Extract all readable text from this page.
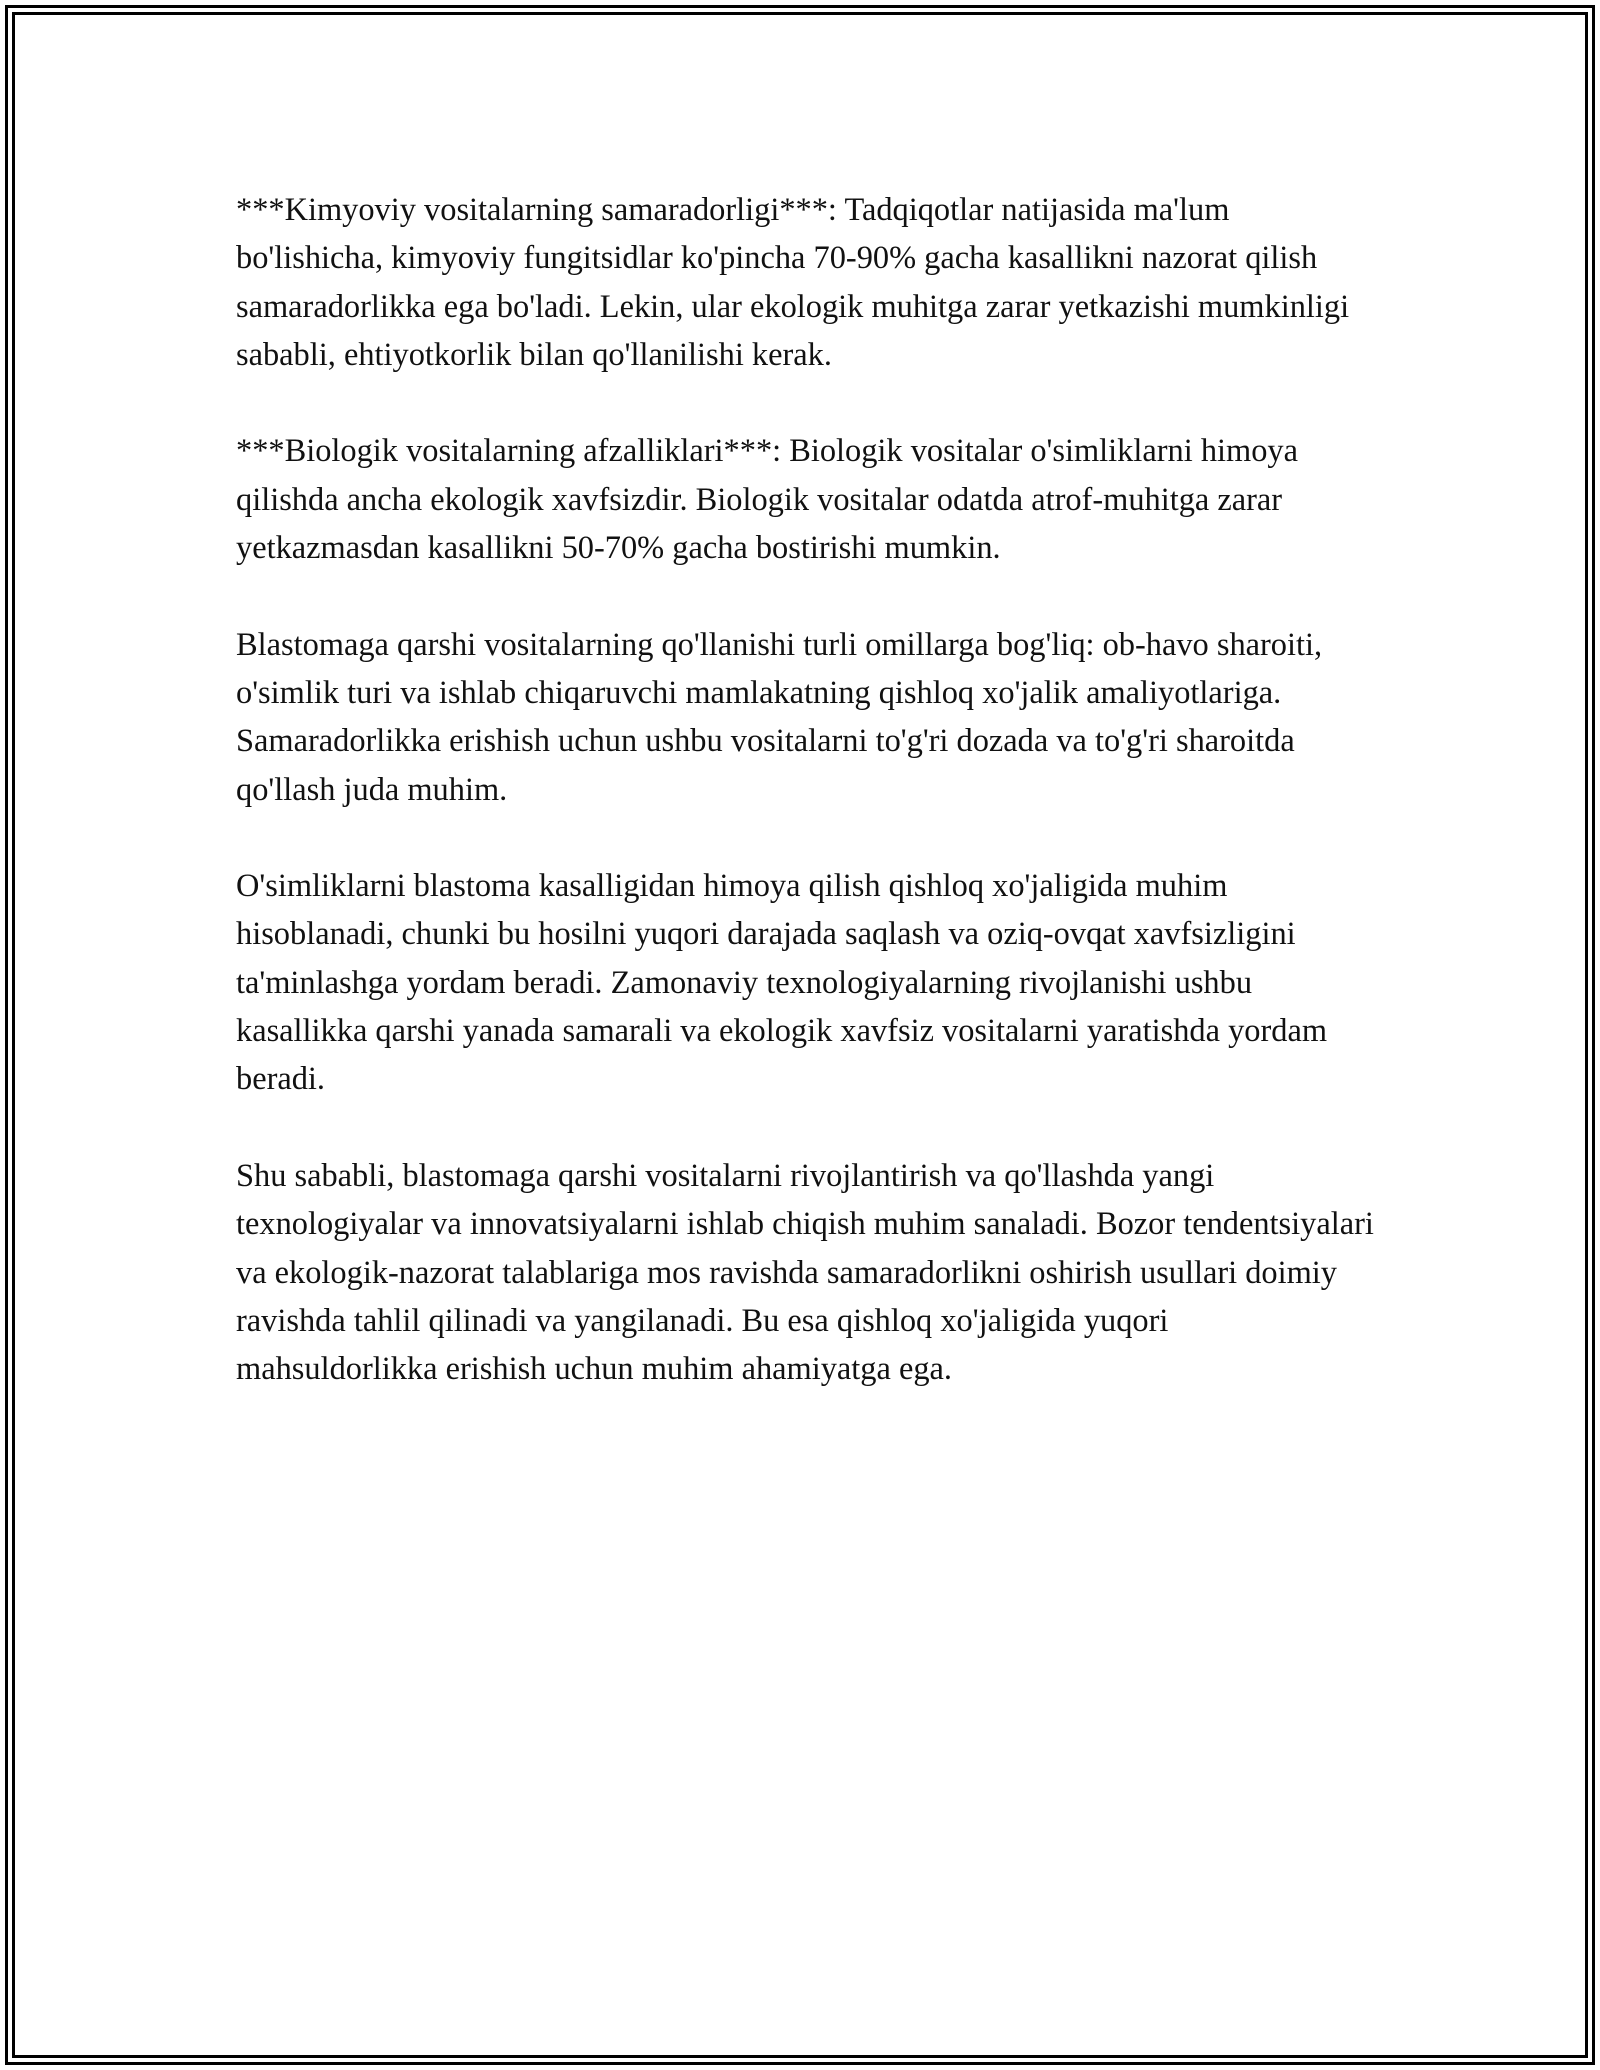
***Kimyoviy vositalarning samaradorligi***: Tadqiqotlar natijasida ma'lum bo'lishicha, kimyoviy fungitsidlar ko'pincha 70-90% gacha kasallikni nazorat qilish samaradorlikka ega bo'ladi. Lekin, ular ekologik muhitga zarar yetkazishi mumkinligi sababli, ehtiyotkorlik bilan qo'llanilishi kerak.

***Biologik vositalarning afzalliklari***: Biologik vositalar o'simliklarni himoya qilishda ancha ekologik xavfsizdir. Biologik vositalar odatda atrof-muhitga zarar yetkazmasdan kasallikni 50-70% gacha bostirishi mumkin.

Blastomaga qarshi vositalarning qo'llanishi turli omillarga bog'liq: ob-havo sharoiti, o'simlik turi va ishlab chiqaruvchi mamlakatning qishloq xo'jalik amaliyotlariga. Samaradorlikka erishish uchun ushbu vositalarni to'g'ri dozada va to'g'ri sharoitda qo'llash juda muhim.

O'simliklarni blastoma kasalligidan himoya qilish qishloq xo'jaligida muhim hisoblanadi, chunki bu hosilni yuqori darajada saqlash va oziq-ovqat xavfsizligini ta'minlashga yordam beradi. Zamonaviy texnologiyalarning rivojlanishi ushbu kasallikka qarshi yanada samarali va ekologik xavfsiz vositalarni yaratishda yordam beradi.

Shu sababli, blastomaga qarshi vositalarni rivojlantirish va qo'llashda yangi texnologiyalar va innovatsiyalarni ishlab chiqish muhim sanaladi. Bozor tendentsiyalari va ekologik-nazorat talablariga mos ravishda samaradorlikni oshirish usullari doimiy ravishda tahlil qilinadi va yangilanadi. Bu esa qishloq xo'jaligida yuqori mahsuldorlikka erishish uchun muhim ahamiyatga ega.
